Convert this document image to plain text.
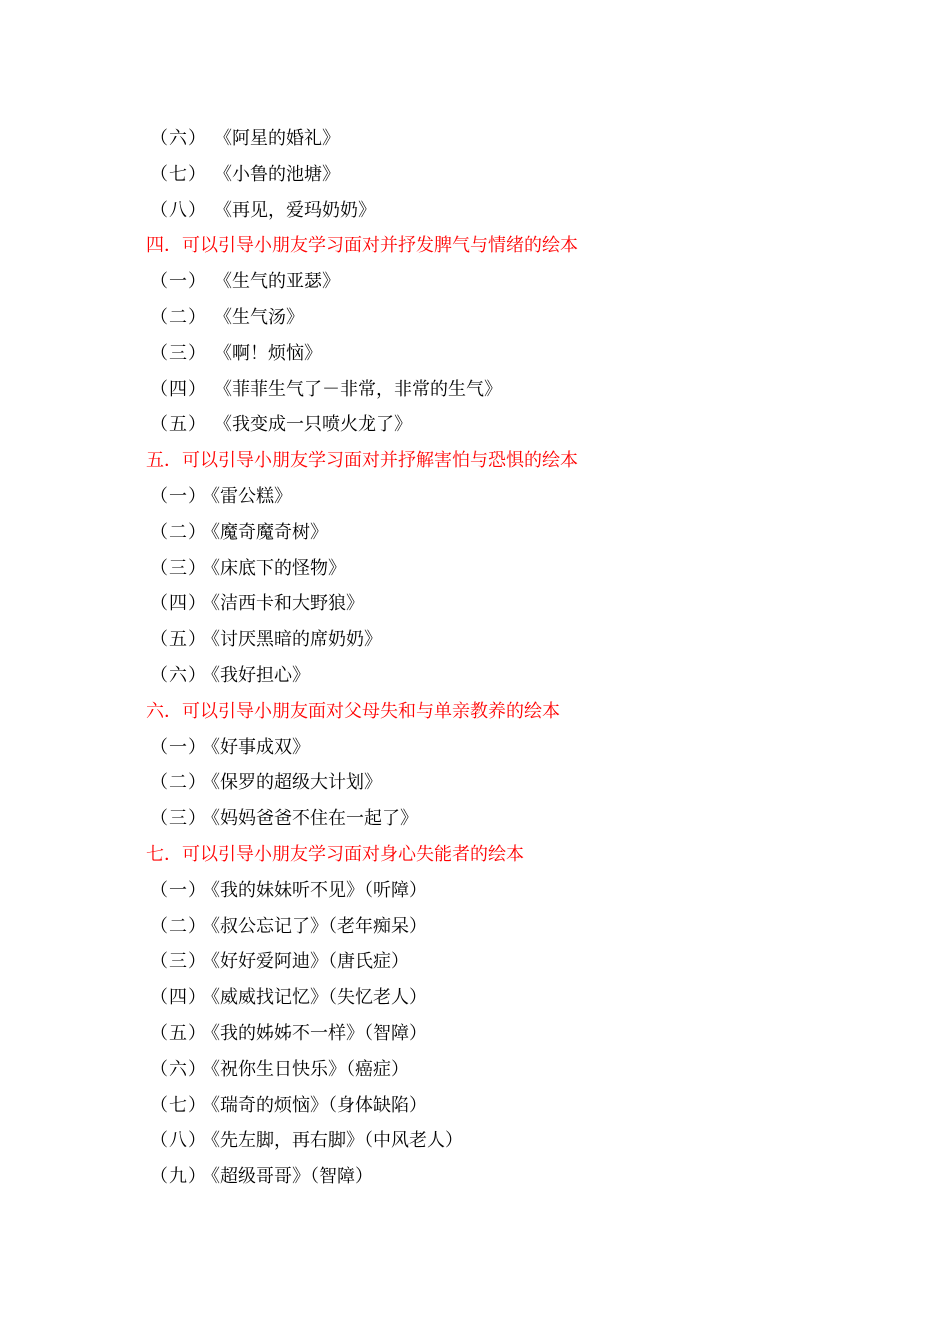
（六） 《阿星的婚礼》
（七） 《小鲁的池塘》
（八） 《再见，爱玛奶奶》
四．可以引导小朋友学习面对并抒发脾气与情绪的绘本
（一） 《生气的亚瑟》
（二） 《生气汤》
（三） 《啊！烦恼》
（四） 《菲菲生气了－非常，非常的生气》
（五） 《我变成一只喷火龙了》
五．可以引导小朋友学习面对并抒解害怕与恐惧的绘本
（一）《雷公糕》
（二）《魔奇魔奇树》
（三）《床底下的怪物》
（四）《洁西卡和大野狼》
（五）《讨厌黑暗的席奶奶》
（六）《我好担心》
六．可以引导小朋友面对父母失和与单亲教养的绘本
（一）《好事成双》
（二）《保罗的超级大计划》
（三）《妈妈爸爸不住在一起了》
七．可以引导小朋友学习面对身心失能者的绘本
（一）《我的妹妹听不见》（听障）
（二）《叔公忘记了》（老年痴呆）
（三）《好好爱阿迪》（唐氏症）
（四）《威威找记忆》（失忆老人）
（五）《我的姊姊不一样》（智障）
（六）《祝你生日快乐》（癌症）
（七）《瑞奇的烦恼》（身体缺陷）
（八）《先左脚，再右脚》（中风老人）
（九）《超级哥哥》（智障）
